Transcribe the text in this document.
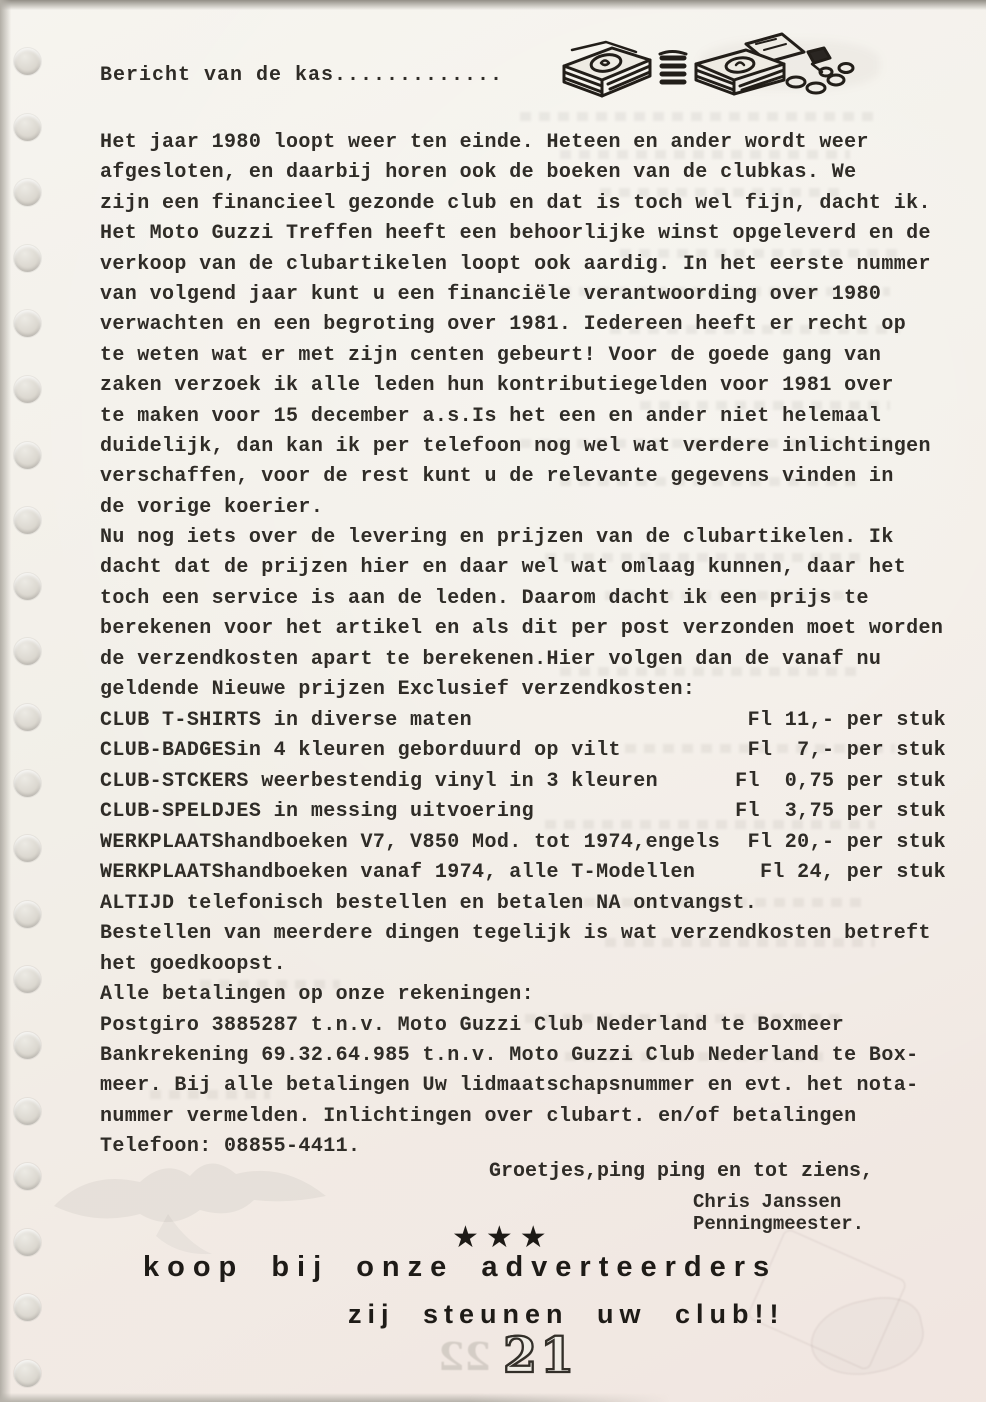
Bericht van de kas.............
Het jaar 1980 loopt weer ten einde. Heteen en ander wordt weer
afgesloten, en daarbij horen ook de boeken van de clubkas. We
zijn een financieel gezonde club en dat is toch wel fijn, dacht ik.
Het Moto Guzzi Treffen heeft een behoorlijke winst opgeleverd en de
verkoop van de clubartikelen loopt ook aardig. In het eerste nummer
van volgend jaar kunt u een financiële verantwoording over 1980
verwachten en een begroting over 1981. Iedereen heeft er recht op
te weten wat er met zijn centen gebeurt! Voor de goede gang van
zaken verzoek ik alle leden hun kontributiegelden voor 1981 over
te maken voor 15 december a.s.Is het een en ander niet helemaal
duidelijk, dan kan ik per telefoon nog wel wat verdere inlichtingen
verschaffen, voor de rest kunt u de relevante gegevens vinden in
de vorige koerier.
Nu nog iets over de levering en prijzen van de clubartikelen. Ik
dacht dat de prijzen hier en daar wel wat omlaag kunnen, daar het
toch een service is aan de leden. Daarom dacht ik een prijs te
berekenen voor het artikel en als dit per post verzonden moet worden
de verzendkosten apart te berekenen.Hier volgen dan de vanaf nu
geldende Nieuwe prijzen Exclusief verzendkosten:
CLUB T-SHIRTS in diverse maten	Fl 11,- per stuk
CLUB-BADGESin 4 kleuren geborduurd op vilt	Fl  7,- per stuk
CLUB-STCKERS weerbestendig vinyl in 3 kleuren	Fl  0,75 per stuk
CLUB-SPELDJES in messing uitvoering	Fl  3,75 per stuk
WERKPLAATShandboeken V7, V850 Mod. tot 1974,engels Fl 20,- per stuk
WERKPLAATShandboeken vanaf 1974, alle T-Modellen	Fl 24, per stuk
ALTIJD telefonisch bestellen en betalen NA ontvangst.
Bestellen van meerdere dingen tegelijk is wat verzendkosten betreft
het goedkoopst.
Alle betalingen op onze rekeningen:
Postgiro 3885287 t.n.v. Moto Guzzi Club Nederland te Boxmeer
Bankrekening 69.32.64.985 t.n.v. Moto Guzzi Club Nederland te Box-
meer. Bij alle betalingen Uw lidmaatschapsnummer en evt. het nota-
nummer vermelden. Inlichtingen over clubart. en/of betalingen
Telefoon: 08855-4411.
Groetjes,ping ping en tot ziens,
Chris Janssen
Penningmeester.
★★★
koop bij onze adverteerders
zij steunen uw club!!
22 21
